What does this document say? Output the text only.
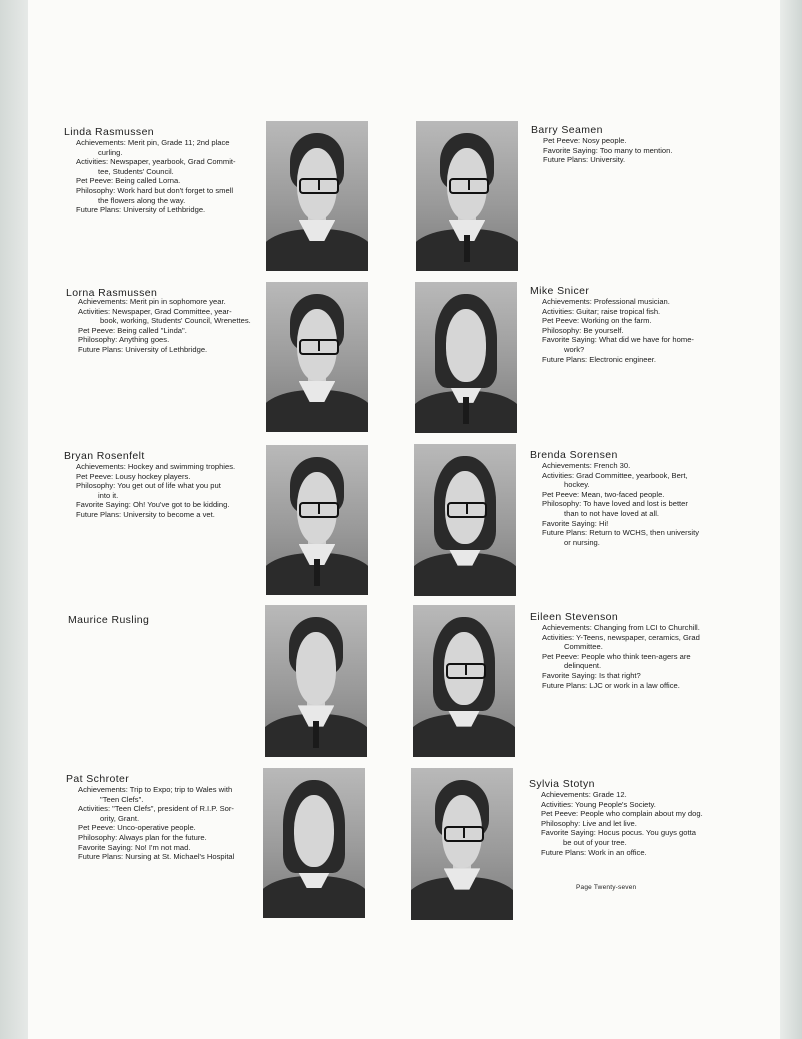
Linda Rasmussen
Achievements: Merit pin, Grade 11; 2nd place
curling.
Activities: Newspaper, yearbook, Grad Commit-
tee, Students' Council.
Pet Peeve: Being called Lorna.
Philosophy: Work hard but don't forget to smell
the flowers along the way.
Future Plans: University of Lethbridge.
Barry Seamen
Pet Peeve: Nosy people.
Favorite Saying: Too many to mention.
Future Plans: University.
Lorna Rasmussen
Achievements: Merit pin in sophomore year.
Activities: Newspaper, Grad Committee, year-
book, working, Students' Council, Wrenettes.
Pet Peeve: Being called "Linda".
Philosophy: Anything goes.
Future Plans: University of Lethbridge.
Mike Snicer
Achievements: Professional musician.
Activities: Guitar; raise tropical fish.
Pet Peeve: Working on the farm.
Philosophy: Be yourself.
Favorite Saying: What did we have for home-
work?
Future Plans: Electronic engineer.
Bryan Rosenfelt
Achievements: Hockey and swimming trophies.
Pet Peeve: Lousy hockey players.
Philosophy: You get out of life what you put
into it.
Favorite Saying: Oh! You've got to be kidding.
Future Plans: University to become a vet.
Brenda Sorensen
Achievements: French 30.
Activities: Grad Committee, yearbook, Bert,
hockey.
Pet Peeve: Mean, two-faced people.
Philosophy: To have loved and lost is better
than to not have loved at all.
Favorite Saying: Hi!
Future Plans: Return to WCHS, then university
or nursing.
Maurice Rusling	Eileen Stevenson
Achievements: Changing from LCI to Churchill.
Activities: Y-Teens, newspaper, ceramics, Grad
Committee.
Pet Peeve: People who think teen-agers are
delinquent.
Favorite Saying: Is that right?
Future Plans: LJC or work in a law office.
Pat Schroter
Achievements: Trip to Expo; trip to Wales with
"Teen Clefs".
Activities: "Teen Clefs", president of R.I.P. Sor-
ority, Grant.
Pet Peeve: Unco-operative people.
Philosophy: Always plan for the future.
Favorite Saying: No! I'm not mad.
Future Plans: Nursing at St. Michael's Hospital
Sylvia Stotyn
Achievements: Grade 12.
Activities: Young People's Society.
Pet Peeve: People who complain about my dog.
Philosophy: Live and let live.
Favorite Saying: Hocus pocus. You guys gotta
be out of your tree.
Future Plans: Work in an office.
Page Twenty-seven
